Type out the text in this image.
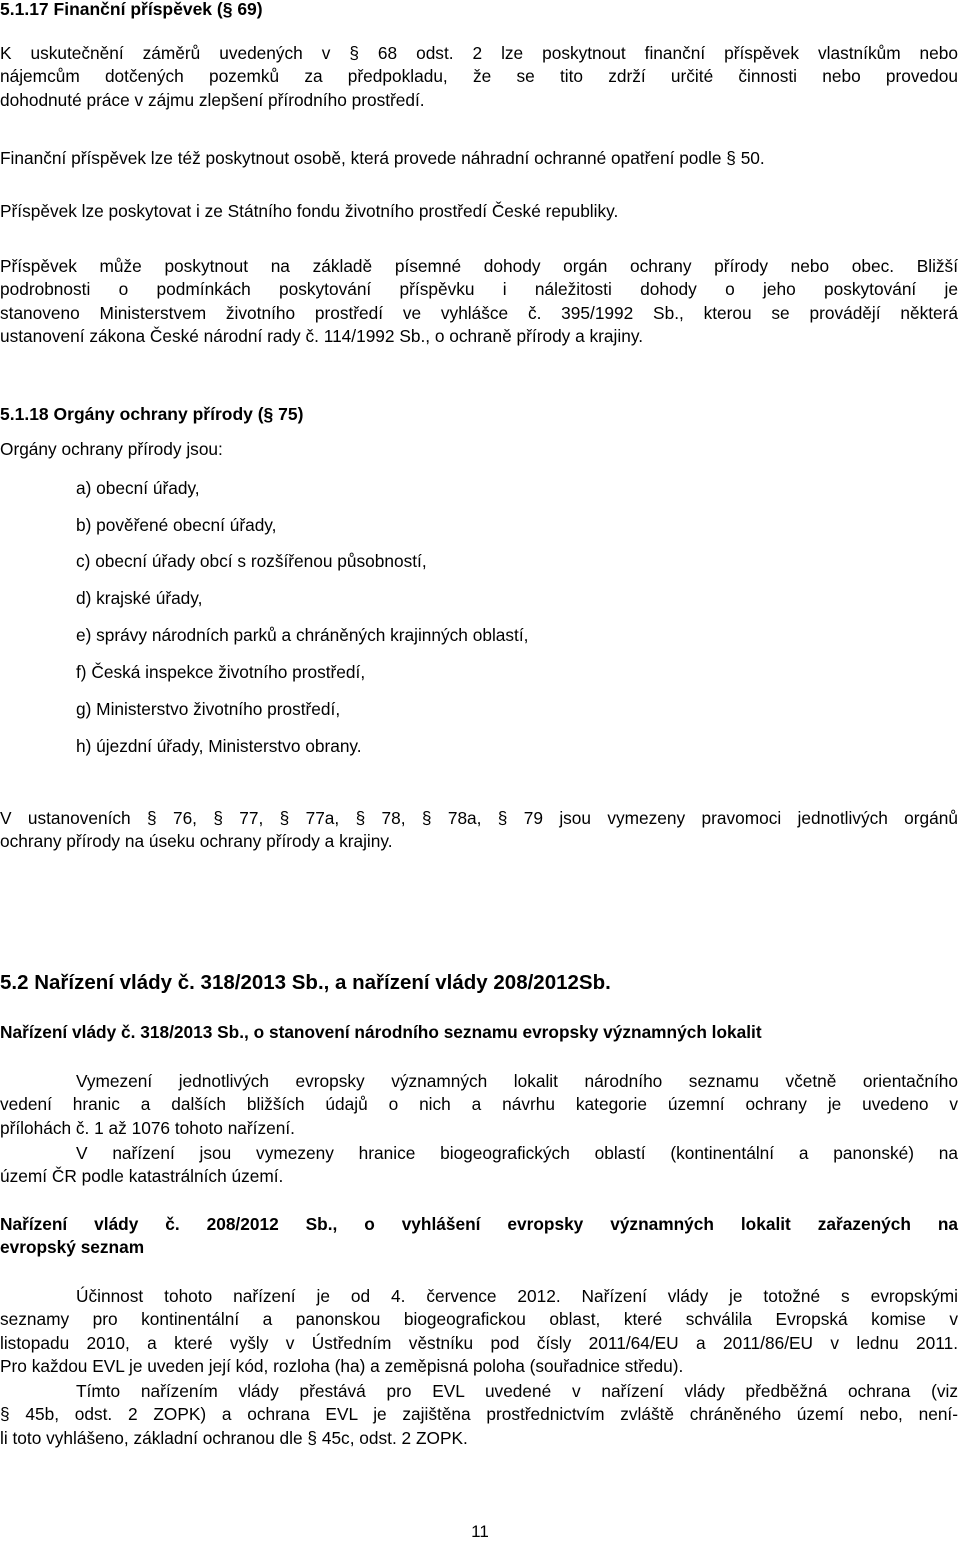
5.1.17 Finanční příspěvek (§ 69)
K uskutečnění záměrů uvedených v § 68 odst. 2 lze poskytnout finanční příspěvek vlastníkům nebo
nájemcům dotčených pozemků za předpokladu, že se tito zdrží určité činnosti nebo provedou
dohodnuté práce v zájmu zlepšení přírodního prostředí.
Finanční příspěvek lze též poskytnout osobě, která provede náhradní ochranné opatření podle § 50.
Příspěvek lze poskytovat i ze Státního fondu životního prostředí České republiky.
Příspěvek může poskytnout na základě písemné dohody orgán ochrany přírody nebo obec. Bližší
podrobnosti o podmínkách poskytování příspěvku i náležitosti dohody o jeho poskytování je
stanoveno Ministerstvem životního prostředí ve vyhlášce č. 395/1992 Sb., kterou se provádějí některá
ustanovení zákona České národní rady č. 114/1992 Sb., o ochraně přírody a krajiny.
5.1.18 Orgány ochrany přírody (§ 75)
Orgány ochrany přírody jsou:
a) obecní úřady,
b) pověřené obecní úřady,
c) obecní úřady obcí s rozšířenou působností,
d) krajské úřady,
e) správy národních parků a chráněných krajinných oblastí,
f) Česká inspekce životního prostředí,
g) Ministerstvo životního prostředí,
h) újezdní úřady, Ministerstvo obrany.
V ustanoveních § 76, § 77, § 77a, § 78, § 78a, § 79 jsou vymezeny pravomoci jednotlivých orgánů
ochrany přírody na úseku ochrany přírody a krajiny.
5.2 Nařízení vlády č. 318/2013 Sb., a nařízení vlády 208/2012Sb.
Nařízení vlády č. 318/2013 Sb., o stanovení národního seznamu evropsky významných lokalit
Vymezení jednotlivých evropsky významných lokalit národního seznamu včetně orientačního
vedení hranic a dalších bližších údajů o nich a návrhu kategorie územní ochrany je uvedeno v
přílohách č. 1 až 1076 tohoto nařízení.
V nařízení jsou vymezeny hranice biogeografických oblastí (kontinentální a panonské) na
území ČR podle katastrálních území.
Nařízení vlády č. 208/2012 Sb., o vyhlášení evropsky významných lokalit zařazených na
evropský seznam
Účinnost tohoto nařízení je od 4. července 2012. Nařízení vlády je totožné s evropskými
seznamy pro kontinentální a panonskou biogeografickou oblast, které schválila Evropská komise v
listopadu 2010, a které vyšly v Ústředním věstníku pod čísly 2011/64/EU a 2011/86/EU v lednu 2011.
Pro každou EVL je uveden její kód, rozloha (ha) a zeměpisná poloha (souřadnice středu).
Tímto nařízením vlády přestává pro EVL uvedené v nařízení vlády předběžná ochrana (viz
§ 45b, odst. 2 ZOPK) a ochrana EVL je zajištěna prostřednictvím zvláště chráněného území nebo, není-
li toto vyhlášeno, základní ochranou dle § 45c, odst. 2 ZOPK.
11
